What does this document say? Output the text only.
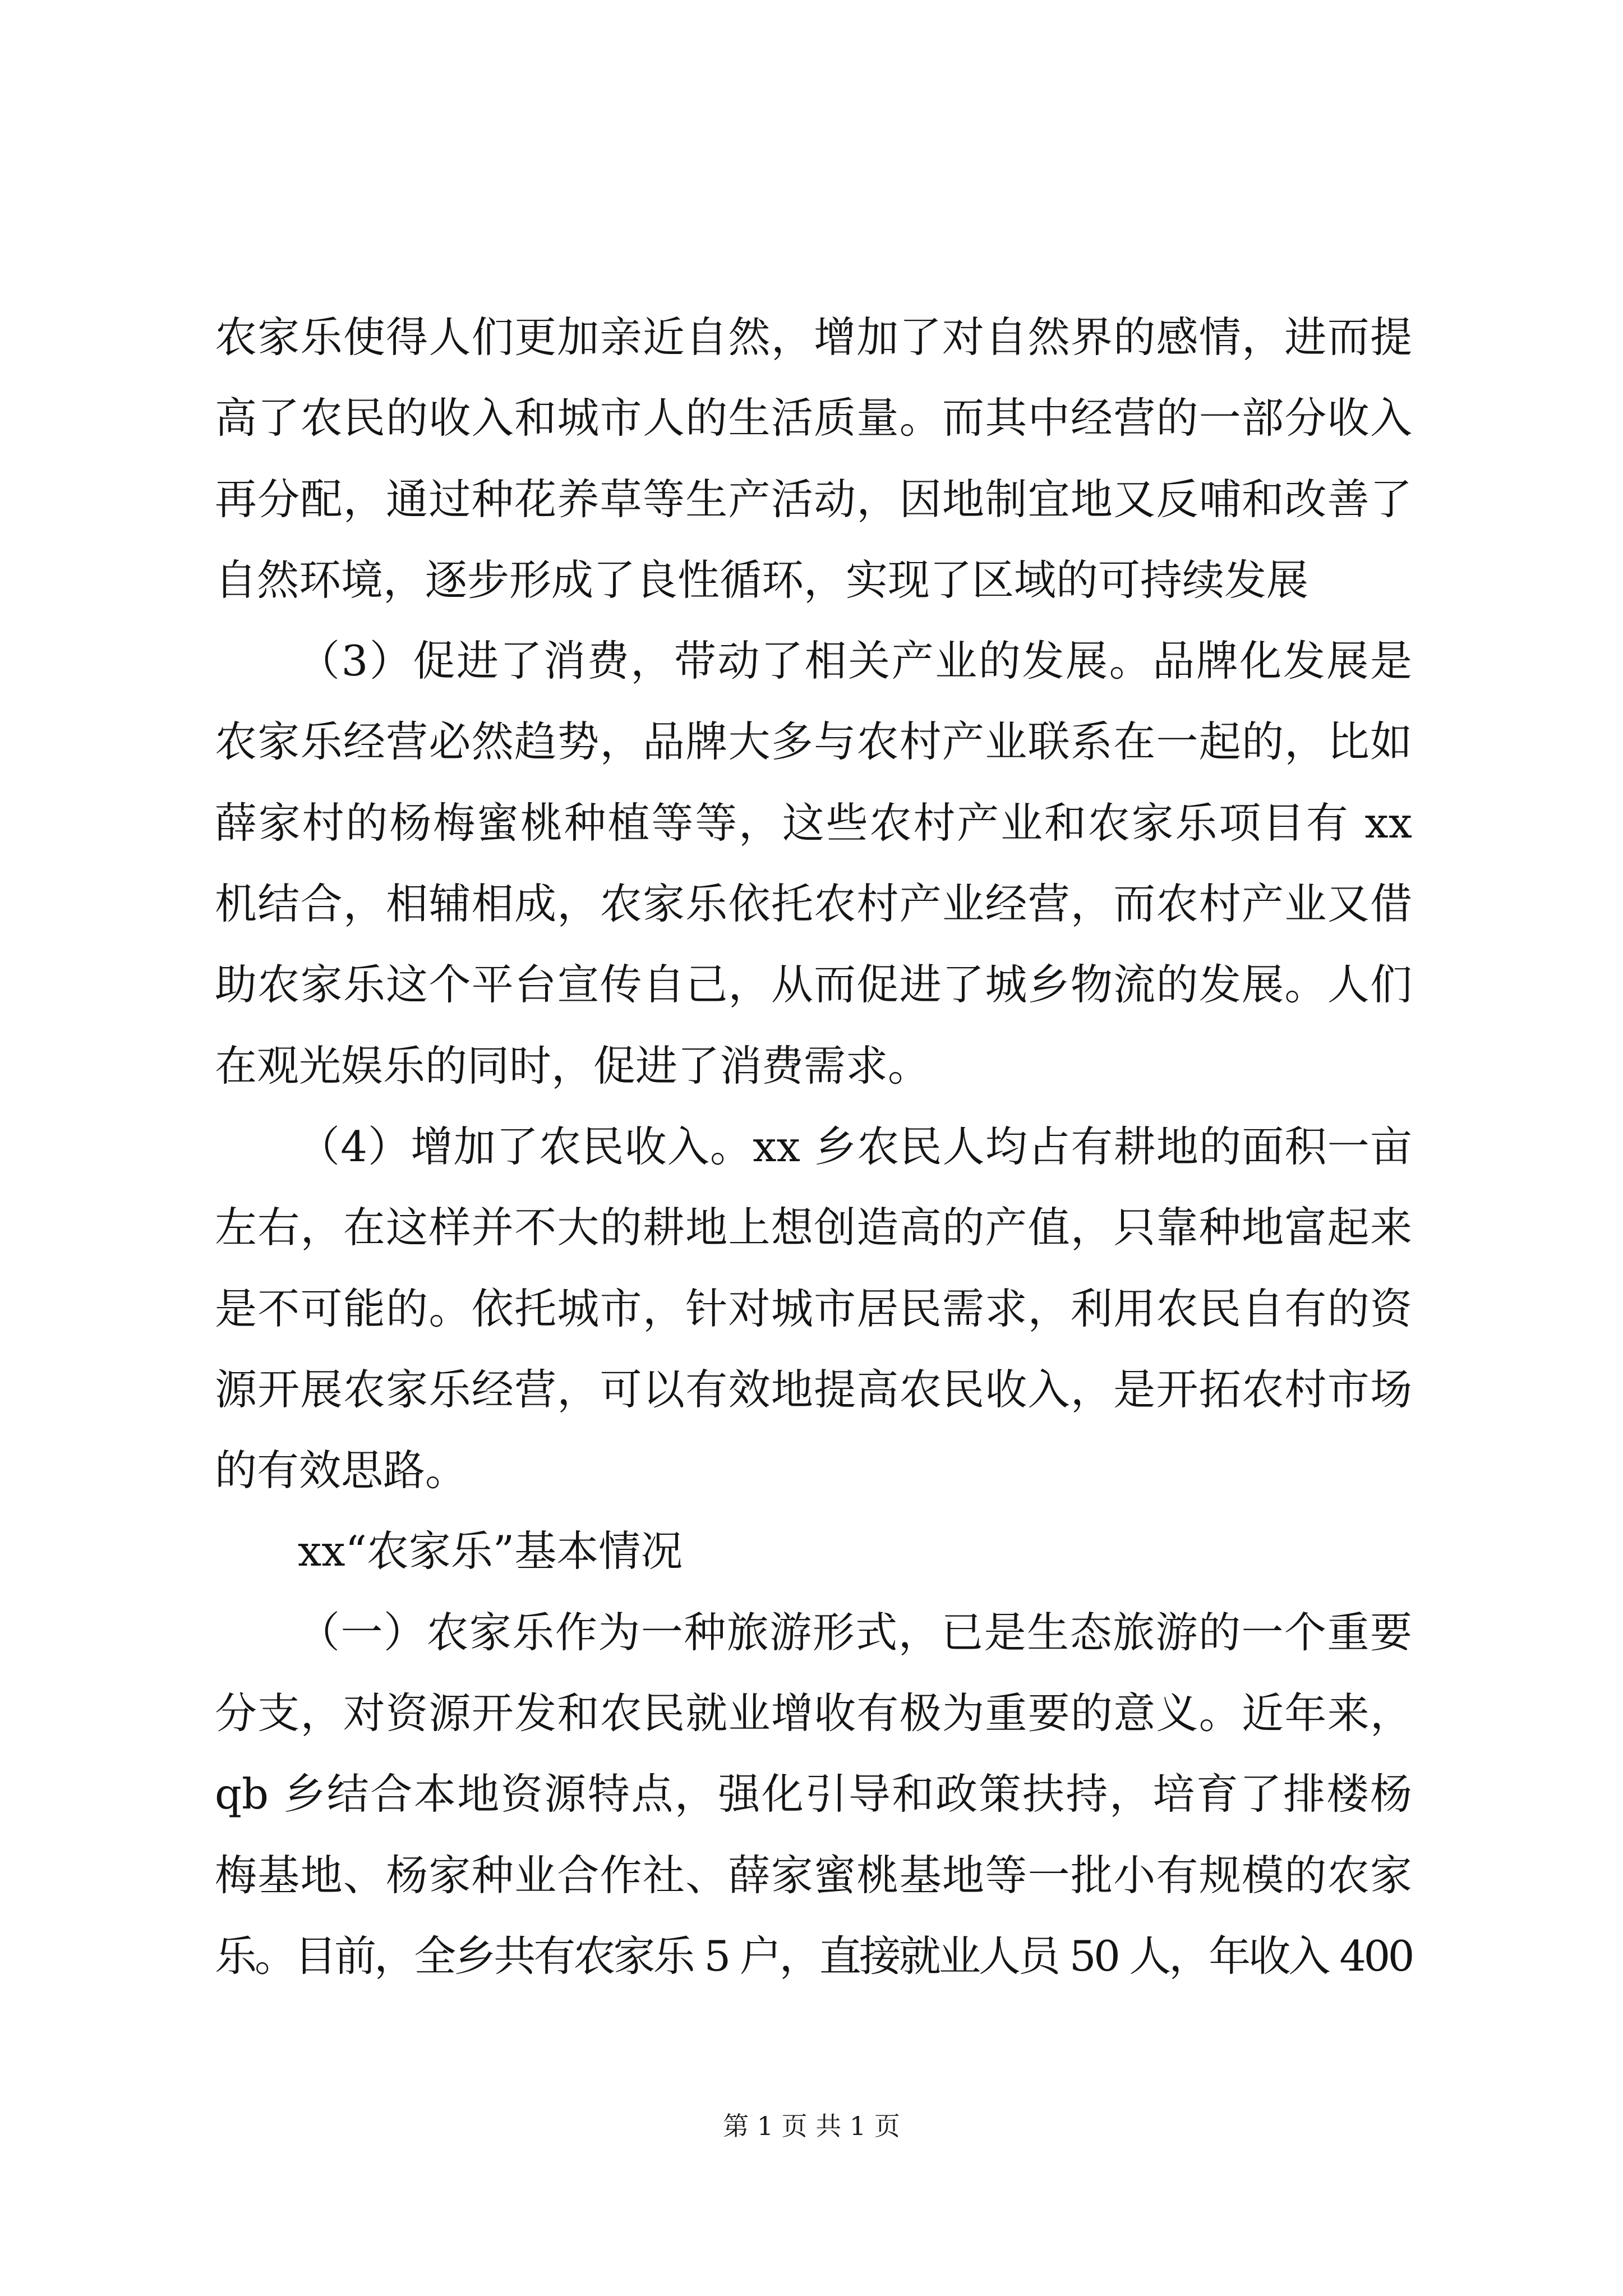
农家乐使得人们更加亲近自然，增加了对自然界的感情，进而提
高了农民的收入和城市人的生活质量。而其中经营的一部分收入
再分配，通过种花养草等生产活动，因地制宜地又反哺和改善了
自然环境，逐步形成了良性循环，实现了区域的可持续发展
（3）促进了消费，带动了相关产业的发展。品牌化发展是
农家乐经营必然趋势，品牌大多与农村产业联系在一起的，比如
薛家村的杨梅蜜桃种植等等，这些农村产业和农家乐项目有 xx
机结合，相辅相成，农家乐依托农村产业经营，而农村产业又借
助农家乐这个平台宣传自己，从而促进了城乡物流的发展。人们
在观光娱乐的同时，促进了消费需求。
（4）增加了农民收入。xx 乡农民人均占有耕地的面积一亩
左右，在这样并不大的耕地上想创造高的产值，只靠种地富起来
是不可能的。依托城市，针对城市居民需求，利用农民自有的资
源开展农家乐经营，可以有效地提高农民收入，是开拓农村市场
的有效思路。
xx“农家乐”基本情况
（一）农家乐作为一种旅游形式，已是生态旅游的一个重要
分支，对资源开发和农民就业增收有极为重要的意义。近年来，
qb 乡结合本地资源特点，强化引导和政策扶持，培育了排楼杨
梅基地、杨家种业合作社、薛家蜜桃基地等一批小有规模的农家
乐。目前，全乡共有农家乐 5 户，直接就业人员 50 人，年收入 400
第 1 页 共 1 页
